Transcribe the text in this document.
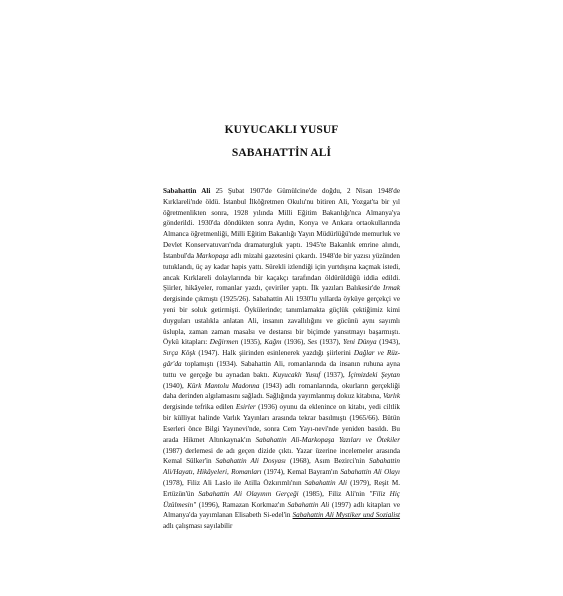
KUYUCAKLI YUSUF
SABAHATTİN ALİ

Sabahattin Ali 25 Şubat 1907'de Gümülcine'de doğdu, 2 Nisan 1948'de Kırklareli'nde öldü. İstanbul İlköğretmen Okulu'nu bitiren Ali, Yozgat'ta bir yıl öğretmenlikten sonra, 1928 yılında Milli Eğitim Bakanlığı'nca Almanya'ya gönderildi. 1930'da döndükten sonra Aydın, Konya ve Ankara ortaokullarında Almanca öğretmenliği, Milli Eğitim Bakanlığı Yayın Müdürlüğü'nde memurluk ve Devlet Konservatuvarı'nda dramaturgluk yaptı. 1945'te Bakanlık emrine alındı, İstanbul'da Markopaşa adlı mizahi gazetesini çıkardı. 1948'de bir yazısı yüzünden tutuklandı, üç ay kadar hapis yattı. Sürekli izlendiği için yurtdışına kaçmak istedi, ancak Kırklareli dolaylarında bir kaçakçı tarafından öldürüldüğü iddia edildi. Şiirler, hikâyeler, romanlar yazdı, çeviriler yaptı. İlk yazıları Balıkesir'de Irmak dergisinde çıkmıştı (1925/26). Sabahattin Ali 1930'lu yıllarda öyküye gerçekçi ve yeni bir soluk getirmişti. Öykülerinde; tanımlamakta güçlük çektiğimiz kimi duyguları ustalıkla anlatan Ali, insanın zavallılığını ve gücünü aynı sayımlı üslupla, zaman zaman masalsı ve destansı bir biçimde yansıtmayı başarmıştı. Öykü kitapları: Değirmen (1935), Kağnı (1936), Ses (1937), Yeni Dünya (1943), Sırça Köşk (1947). Halk şiirinden esinlenerek yazdığı şiirlerini Dağlar ve Rüz-gâr'da toplamıştı (1934). Sabahattin Ali, romanlarında da insanın ruhuna ayna tuttu ve gerçeğe bu aynadan baktı. Kuyucaklı Yusuf (1937), İçimizdeki Şeytan (1940), Kürk Mantolu Madonna (1943) adlı romanlarında, okurların gerçekliği daha derinden algılamasını sağladı. Sağlığında yayımlanmış dokuz kitabına, Varlık dergisinde tefrika edilen Esirler (1936) oyunu da eklenince on kitabı, yedi ciltlik bir külliyat halinde Varlık Yayınları arasında tekrar basılmıştı (1965/66). Bütün Eserleri önce Bilgi Yayınevi'nde, sonra Cem Yayı-nevi'nde yeniden basıldı. Bu arada Hikmet Altınkaynak'ın Sabahattin Ali-Markopaşa Yazıları ve Ötekiler (1987) derlemesi de adı geçen dizide çıktı. Yazar üzerine incelemeler arasında Kemal Sülker'in Sabahattin Ali Dosyası (1968), Asım Bezirci'nin Sabahattin Ali/Hayatı, Hikâyeleri, Romanları (1974), Kemal Bayram'ın Sabahattin Ali Olayı (1978), Filiz Ali Laslo ile Atilla Özkırımlı'nın Sabahattin Ali (1979), Reşit M. Ertüzün'ün Sabahattin Ali Olayının Gerçeği (1985), Filiz Ali'nin "Filiz Hiç Üzülmesin" (1996), Ramazan Korkmaz'ın Sabahattin Ali (1997) adlı kitapları ve Almanya'da yayımlanan Elisabeth Si-edel'in Sabahattin Ali Mystiker und Sozialist adlı çalışması sayılabilir
